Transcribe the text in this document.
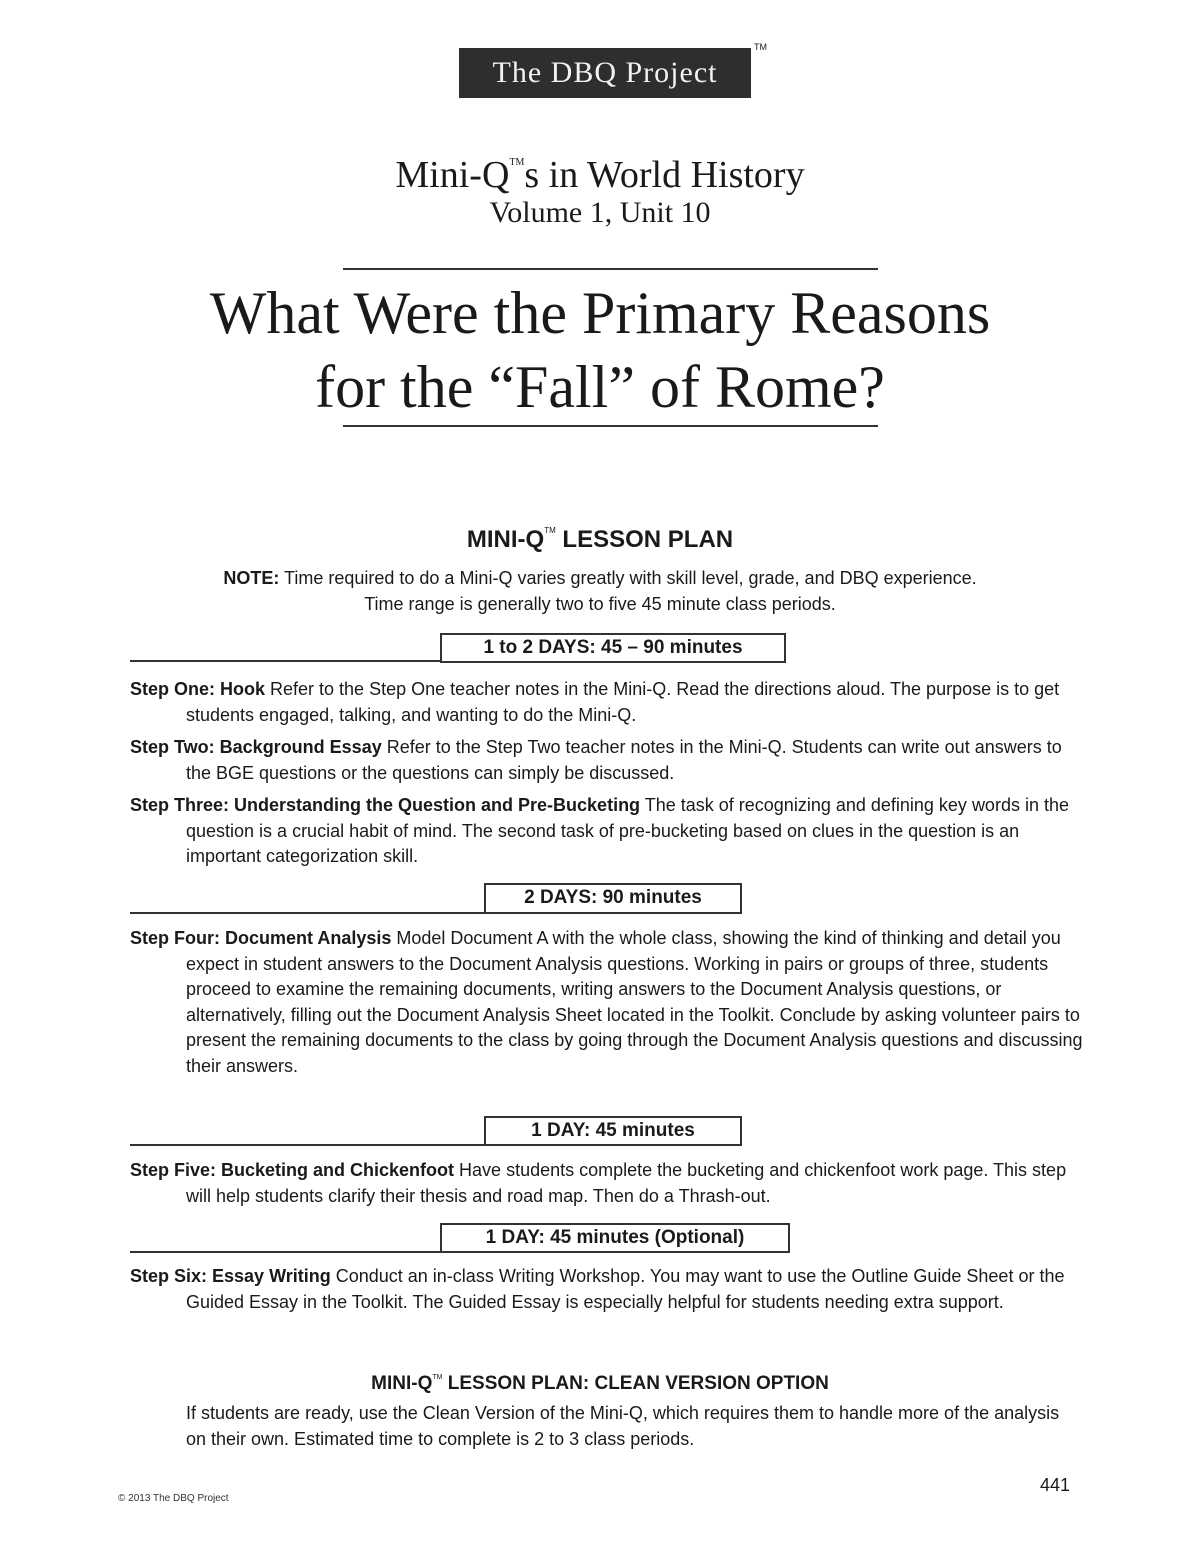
The DBQ Project
TM
Mini-Q™s in World History
Volume 1, Unit 10
What Were the Primary Reasons
for the “Fall” of Rome?
MINI-Q™ LESSON PLAN
NOTE: Time required to do a Mini-Q varies greatly with skill level, grade, and DBQ experience.
Time range is generally two to five 45 minute class periods.
1 to 2 DAYS: 45 – 90 minutes
Step One: Hook Refer to the Step One teacher notes in the Mini-Q. Read the directions aloud. The purpose is to get students engaged, talking, and wanting to do the Mini-Q.
Step Two: Background Essay Refer to the Step Two teacher notes in the Mini-Q. Students can write out answers to the BGE questions or the questions can simply be discussed.
Step Three: Understanding the Question and Pre-Bucketing The task of recognizing and defining key words in the question is a crucial habit of mind. The second task of pre-bucketing based on clues in the question is an important categorization skill.
2 DAYS: 90 minutes
Step Four: Document Analysis Model Document A with the whole class, showing the kind of thinking and detail you expect in student answers to the Document Analysis questions. Working in pairs or groups of three, students proceed to examine the remaining documents, writing answers to the Document Analysis questions, or alternatively, filling out the Document Analysis Sheet located in the Toolkit. Conclude by asking volunteer pairs to present the remaining documents to the class by going through the Document Analysis questions and discussing their answers.
1 DAY: 45 minutes
Step Five: Bucketing and Chickenfoot Have students complete the bucketing and chickenfoot work page. This step will help students clarify their thesis and road map. Then do a Thrash-out.
1 DAY: 45 minutes (Optional)
Step Six: Essay Writing Conduct an in-class Writing Workshop. You may want to use the Outline Guide Sheet or the Guided Essay in the Toolkit. The Guided Essay is especially helpful for students needing extra support.
MINI-Q™ LESSON PLAN: CLEAN VERSION OPTION
If students are ready, use the Clean Version of the Mini-Q, which requires them to handle more of the analysis on their own. Estimated time to complete is 2 to 3 class periods.
441
© 2013 The DBQ Project
